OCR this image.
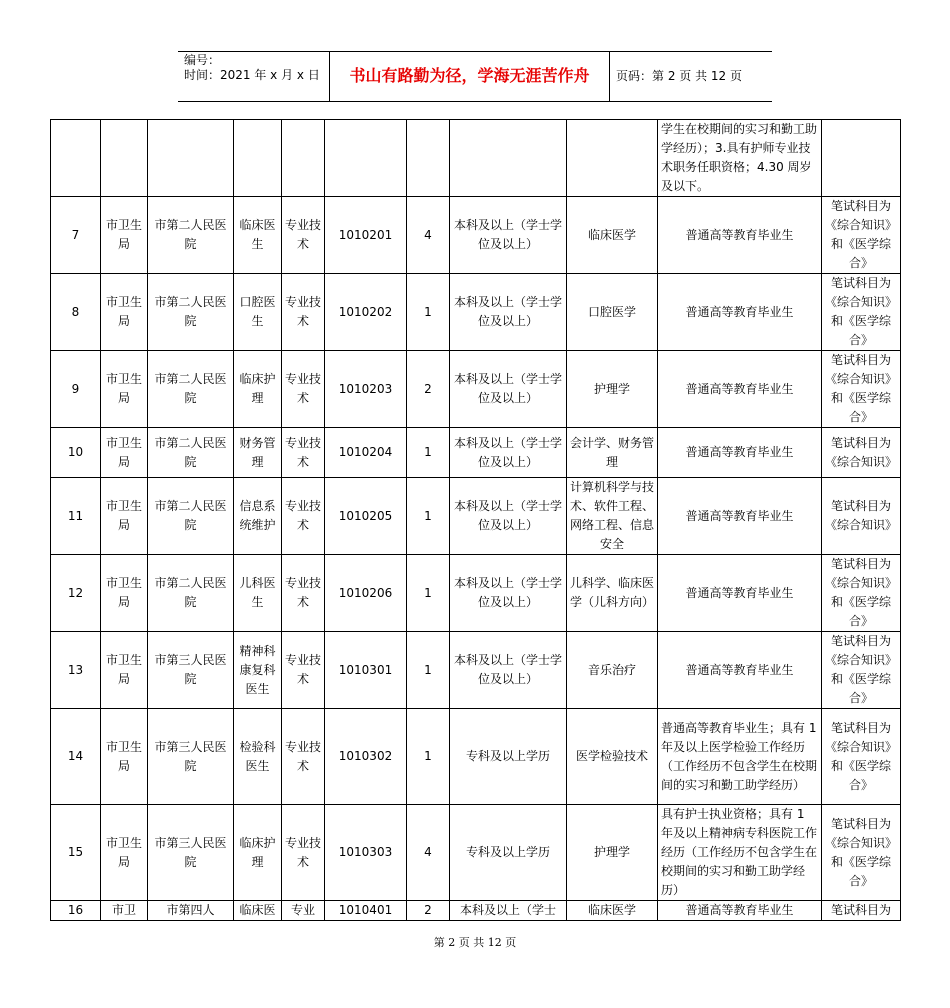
编号：
时间：2021 年 x 月 x 日	书山有路勤为径，学海无涯苦作舟	页码：第 2 页 共 12 页
									学生在校期间的实习和勤工助学经历）；3.具有护师专业技术职务任职资格；4.30 周岁及以下。	
7	市卫生局	市第二人民医院	临床医生	专业技术	1010201	4	本科及以上（学士学位及以上）	临床医学	普通高等教育毕业生	笔试科目为《综合知识》和《医学综合》
8	市卫生局	市第二人民医院	口腔医生	专业技术	1010202	1	本科及以上（学士学位及以上）	口腔医学	普通高等教育毕业生	笔试科目为《综合知识》和《医学综合》
9	市卫生局	市第二人民医院	临床护理	专业技术	1010203	2	本科及以上（学士学位及以上）	护理学	普通高等教育毕业生	笔试科目为《综合知识》和《医学综合》
10	市卫生局	市第二人民医院	财务管理	专业技术	1010204	1	本科及以上（学士学位及以上）	会计学、财务管理	普通高等教育毕业生	笔试科目为《综合知识》
11	市卫生局	市第二人民医院	信息系统维护	专业技术	1010205	1	本科及以上（学士学位及以上）	计算机科学与技术、软件工程、网络工程、信息安全	普通高等教育毕业生	笔试科目为《综合知识》
12	市卫生局	市第二人民医院	儿科医生	专业技术	1010206	1	本科及以上（学士学位及以上）	儿科学、临床医学（儿科方向）	普通高等教育毕业生	笔试科目为《综合知识》和《医学综合》
13	市卫生局	市第三人民医院	精神科康复科医生	专业技术	1010301	1	本科及以上（学士学位及以上）	音乐治疗	普通高等教育毕业生	笔试科目为《综合知识》和《医学综合》
14	市卫生局	市第三人民医院	检验科医生	专业技术	1010302	1	专科及以上学历	医学检验技术	普通高等教育毕业生；具有 1 年及以上医学检验工作经历（工作经历不包含学生在校期间的实习和勤工助学经历）	笔试科目为《综合知识》和《医学综合》
15	市卫生局	市第三人民医院	临床护理	专业技术	1010303	4	专科及以上学历	护理学	具有护士执业资格；具有 1 年及以上精神病专科医院工作经历（工作经历不包含学生在校期间的实习和勤工助学经历）	笔试科目为《综合知识》和《医学综合》
16	市卫	市第四人	临床医	专业	1010401	2	本科及以上（学士	临床医学	普通高等教育毕业生	笔试科目为
第 2 页 共 12 页
